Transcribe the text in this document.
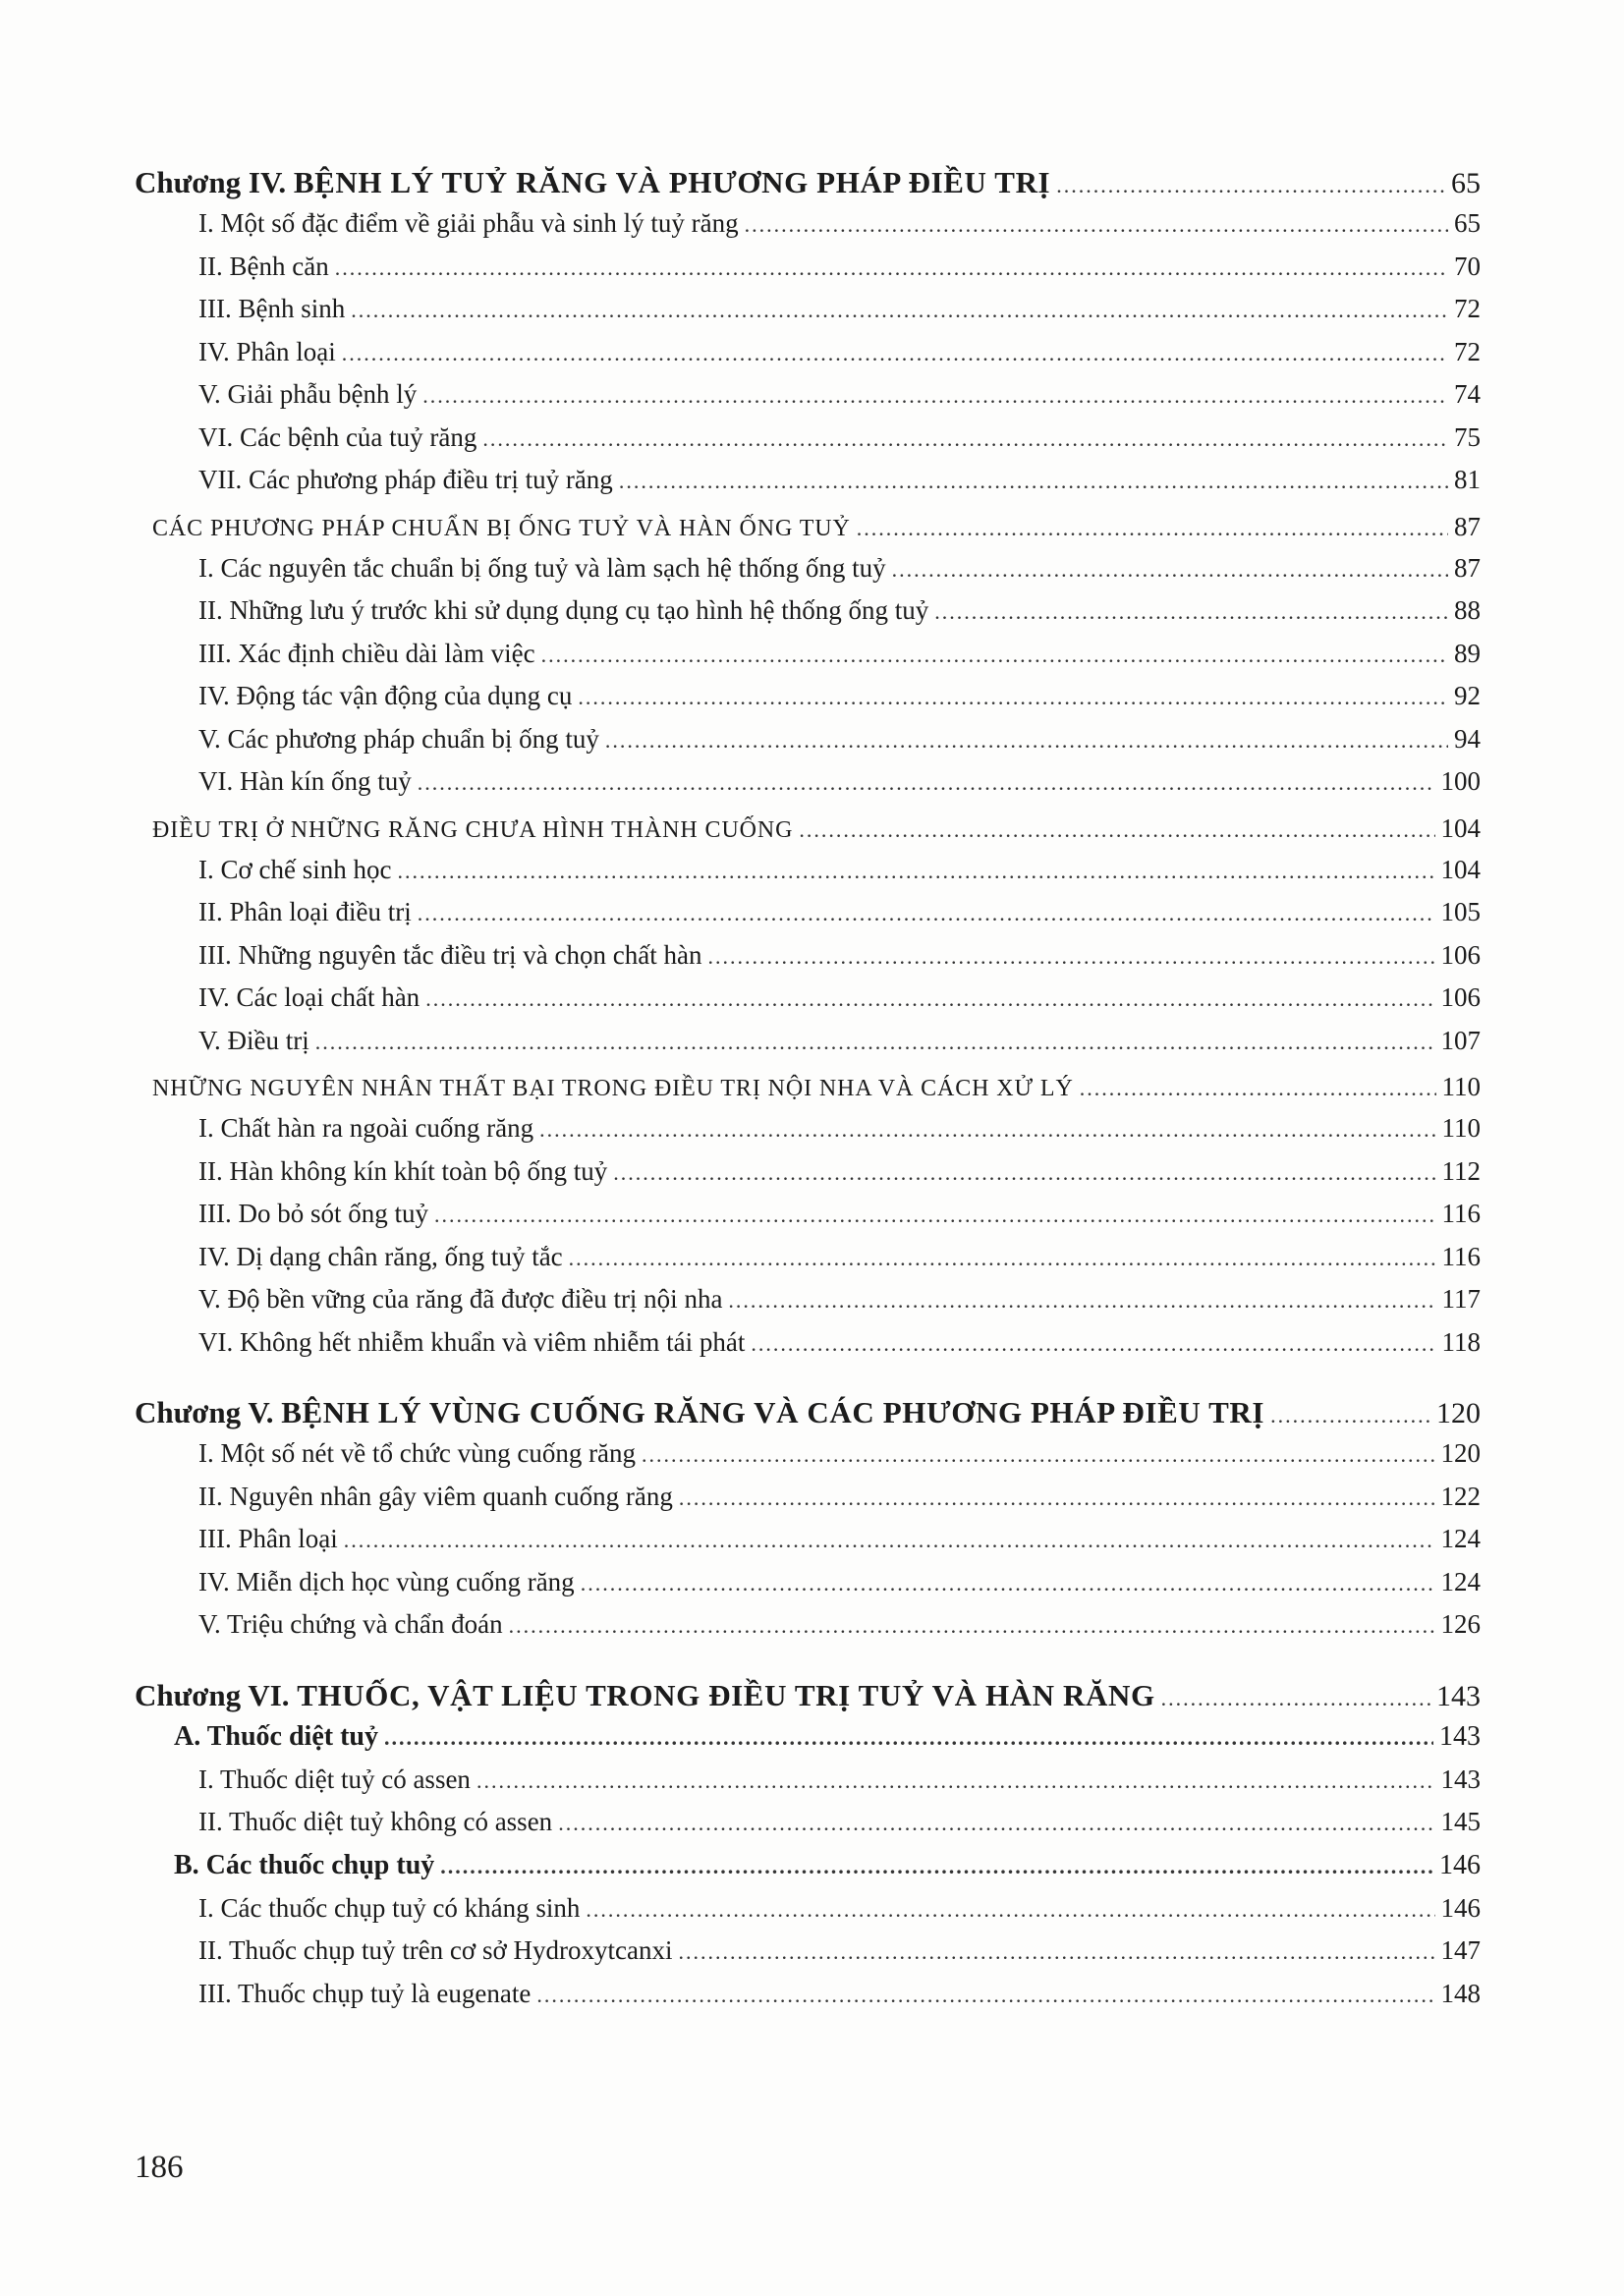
Chương IV. BỆNH LÝ TUỶ RĂNG VÀ PHƯƠNG PHÁP ĐIỀU TRỊ .....	65
I. Một số đặc điểm về giải phẫu và sinh lý tuỷ răng .....	65
II. Bệnh căn .....	70
III. Bệnh sinh .....	72
IV. Phân loại .....	72
V. Giải phẫu bệnh lý .....	74
VI. Các bệnh của tuỷ răng .....	75
VII. Các phương pháp điều trị tuỷ răng .....	81
CÁC PHƯƠNG PHÁP CHUẨN BỊ ỐNG TUỶ VÀ HÀN ỐNG TUỶ .....	87
I. Các nguyên tắc chuẩn bị ống tuỷ và làm sạch hệ thống ống tuỷ .....	87
II. Những lưu ý trước khi sử dụng dụng cụ tạo hình hệ thống ống tuỷ .....	88
III. Xác định chiều dài làm việc .....	89
IV. Động tác vận động của dụng cụ .....	92
V. Các phương pháp chuẩn bị ống tuỷ .....	94
VI. Hàn kín ống tuỷ .....	100
ĐIỀU TRỊ Ở NHỮNG RĂNG CHƯA HÌNH THÀNH CUỐNG .....	104
I. Cơ chế sinh học .....	104
II. Phân loại điều trị .....	105
III. Những nguyên tắc điều trị và chọn chất hàn .....	106
IV. Các loại chất hàn .....	106
V. Điều trị .....	107
NHỮNG NGUYÊN NHÂN THẤT BẠI TRONG ĐIỀU TRỊ NỘI NHA VÀ CÁCH XỬ LÝ .....	110
I. Chất hàn ra ngoài cuống răng .....	110
II. Hàn không kín khít toàn bộ ống tuỷ .....	112
III. Do bỏ sót ống tuỷ .....	116
IV. Dị dạng chân răng, ống tuỷ tắc .....	116
V. Độ bền vững của răng đã được điều trị nội nha .....	117
VI. Không hết nhiễm khuẩn và viêm nhiễm tái phát .....	118
Chương V. BỆNH LÝ VÙNG CUỐNG RĂNG VÀ CÁC PHƯƠNG PHÁP ĐIỀU TRỊ .....	120
I. Một số nét về tổ chức vùng cuống răng .....	120
II. Nguyên nhân gây viêm quanh cuống răng .....	122
III. Phân loại .....	124
IV. Miễn dịch học vùng cuống răng .....	124
V. Triệu chứng và chẩn đoán .....	126
Chương VI. THUỐC, VẬT LIỆU TRONG ĐIỀU TRỊ TUỶ VÀ HÀN RĂNG .....	143
A. Thuốc diệt tuỷ .....	143
I. Thuốc diệt tuỷ có assen .....	143
II. Thuốc diệt tuỷ không có assen .....	145
B. Các thuốc chụp tuỷ .....	146
I. Các thuốc chụp tuỷ có kháng sinh .....	146
II. Thuốc chụp tuỷ trên cơ sở Hydroxytcanxi .....	147
III. Thuốc chụp tuỷ là eugenate .....	148
186
